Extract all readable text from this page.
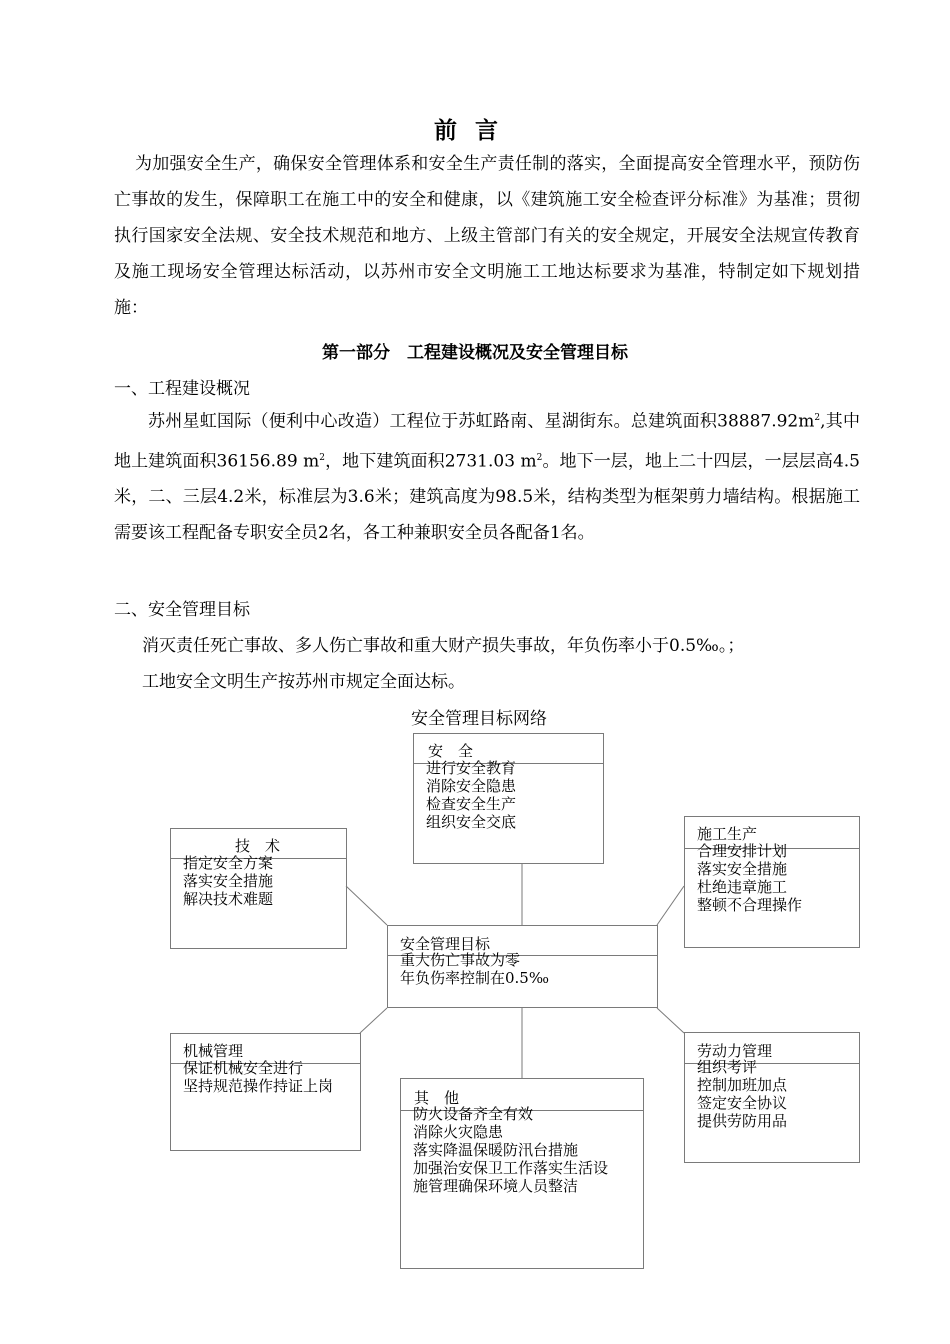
前言

为加强安全生产，确保安全管理体系和安全生产责任制的落实，全面提高安全管理水平，预防伤亡事故的发生，保障职工在施工中的安全和健康，以《建筑施工安全检查评分标准》为基准；贯彻执行国家安全法规、安全技术规范和地方、上级主管部门有关的安全规定，开展安全法规宣传教育及施工现场安全管理达标活动，以苏州市安全文明施工工地达标要求为基准，特制定如下规划措施：

第一部分　工程建设概况及安全管理目标
一、工程建设概况

苏州星虹国际（便利中心改造）工程位于苏虹路南、星湖街东。总建筑面积$38887.92m^2$,其中地上建筑面积36156.89 $m^2$，地下建筑面积2731.03 $m^2$。地下一层，地上二十四层，一层层高4.5米，二、三层4.2米，标准层为3.6米；建筑高度为98.5米，结构类型为框架剪力墙结构。根据施工需要该工程配备专职安全员2名，各工种兼职安全员各配备1名。

二、安全管理目标
消灭责任死亡事故、多人伤亡事故和重大财产损失事故，年负伤率小于0.5‰。；
工地安全文明生产按苏州市规定全面达标。
安全管理目标网络
安　全
进行安全教育
消除安全隐患
检查安全生产
组织安全交底
技　术
指定安全方案
落实安全措施
解决技术难题
施工生产
合理安排计划
落实安全措施
杜绝违章施工
整顿不合理操作
安全管理目标
重大伤亡事故为零
年负伤率控制在0.5‰
机械管理
保证机械安全进行
坚持规范操作持证上岗
劳动力管理
组织考评
控制加班加点
签定安全协议
提供劳防用品
其　他
防火设备齐全有效
消除火灾隐患
落实降温保暖防汛台措施
加强治安保卫工作落实生活设
施管理确保环境人员整洁
